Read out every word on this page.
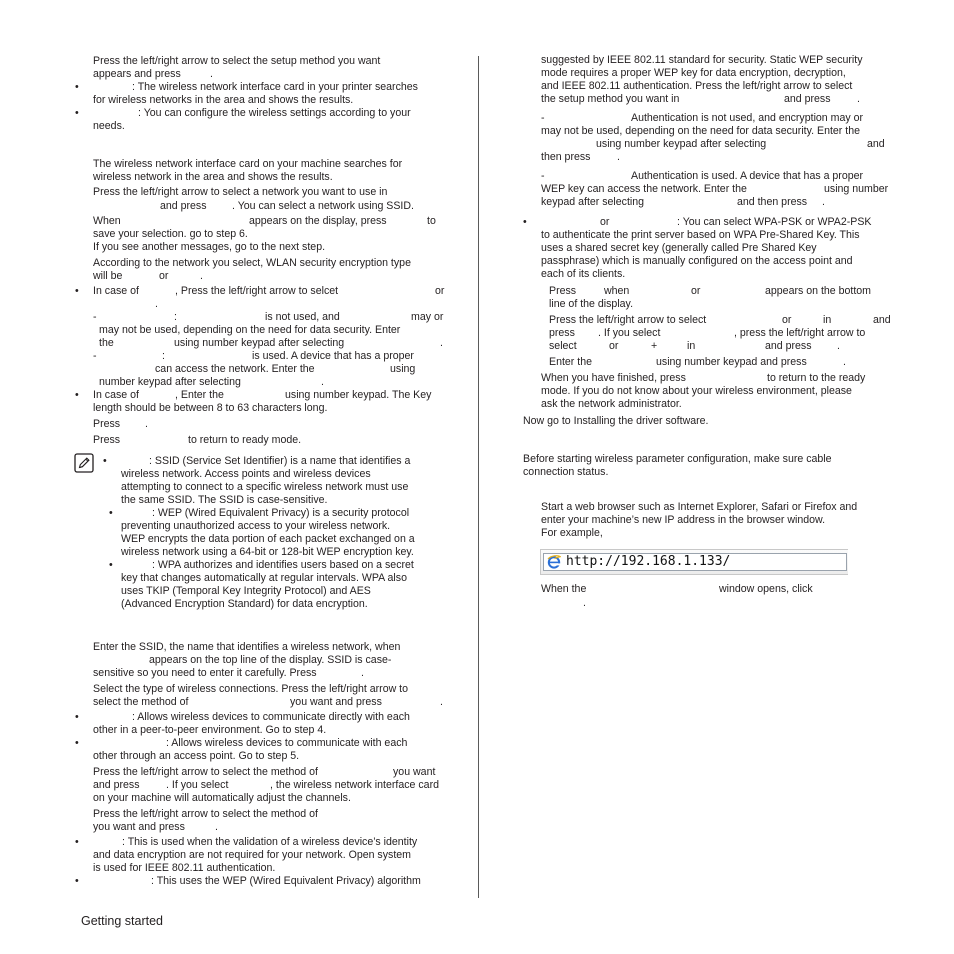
Press the left/right arrow to select the setup method you want
appears and press	.
•	: The wireless network interface card in your printer searches
for wireless networks in the area and shows the results.
•	: You can configure the wireless settings according to your
needs.
The wireless network interface card on your machine searches for
wireless network in the area and shows the results.
Press the left/right arrow to select a network you want to use in
and press . You can select a network using SSID.
When	appears on the display, press	to
save your selection. go to step 6.
If you see another messages, go to the next step.
According to the network you select, WLAN security encryption type
will be	or	.
• In case of	, Press the left/right arrow to selcet	or
.
-	:	is not used, and	may or
may not be used, depending on the need for data security. Enter
the	using number keypad after selecting	.
-	:	is used. A device that has a proper
can access the network. Enter the	using
number keypad after selecting	.
• In case of	, Enter the	using number keypad. The Key
length should be between 8 to 63 characters long.
Press .
Press	to return to ready mode.
•	: SSID (Service Set Identifier) is a name that identifies a
wireless network. Access points and wireless devices
attempting to connect to a specific wireless network must use
the same SSID. The SSID is case-sensitive.
•	: WEP (Wired Equivalent Privacy) is a security protocol
preventing unauthorized access to your wireless network.
WEP encrypts the data portion of each packet exchanged on a
wireless network using a 64-bit or 128-bit WEP encryption key.
•	: WPA authorizes and identifies users based on a secret
key that changes automatically at regular intervals. WPA also
uses TKIP (Temporal Key Integrity Protocol) and AES
(Advanced Encryption Standard) for data encryption.
Enter the SSID, the name that identifies a wireless network, when
appears on the top line of the display. SSID is case-
sensitive so you need to enter it carefully. Press	.
Select the type of wireless connections. Press the left/right arrow to
select the method of	you want and press	.
•	: Allows wireless devices to communicate directly with each
other in a peer-to-peer environment. Go to step 4.
•	: Allows wireless devices to communicate with each
other through an access point. Go to step 5.
Press the left/right arrow to select the method of	you want
and press . If you select	, the wireless network interface card
on your machine will automatically adjust the channels.
Press the left/right arrow to select the method of
you want and press	.
•	: This is used when the validation of a wireless device’s identity
and data encryption are not required for your network. Open system
is used for IEEE 802.11 authentication.
•	: This uses the WEP (Wired Equivalent Privacy) algorithm
suggested by IEEE 802.11 standard for security. Static WEP security
mode requires a proper WEP key for data encryption, decryption,
and IEEE 802.11 authentication. Press the left/right arrow to select
the setup method you want in	and press .
-	Authentication is not used, and encryption may or
may not be used, depending on the need for data security. Enter the
using number keypad after selecting	and
then press	.
-	Authentication is used. A device that has a proper
WEP key can access the network. Enter the	using number
keypad after selecting	and then press .
•	or	: You can select WPA-PSK or WPA2-PSK
to authenticate the print server based on WPA Pre-Shared Key. This
uses a shared secret key (generally called Pre Shared Key
passphrase) which is manually configured on the access point and
each of its clients.
Press	when	or	appears on the bottom
line of the display.
Press the left/right arrow to select	or	in	and
press . If you select	, press the left/right arrow to
select	or	+	in	and press .
Enter the	using number keypad and press	.
When you have finished, press	to return to the ready
mode. If you do not know about your wireless environment, please
ask the network administrator.
Now go to Installing the driver software.
Before starting wireless parameter configuration, make sure cable
connection status.
Start a web browser such as Internet Explorer, Safari or Firefox and
enter your machine’s new IP address in the browser window.
For example,
When the	window opens, click
.
http://192.168.1.133/
Getting started
